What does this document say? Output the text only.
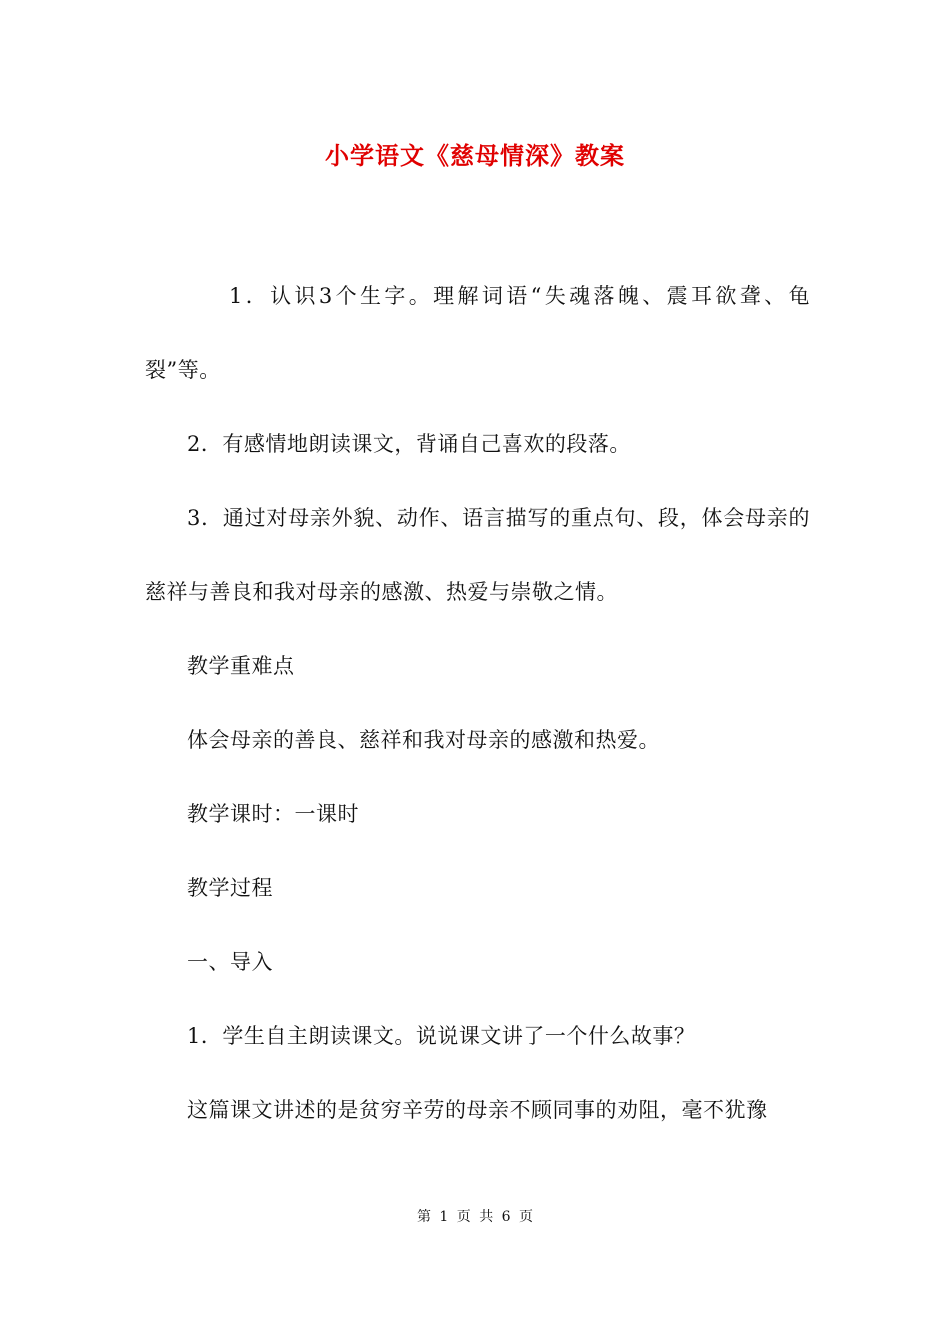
小学语文《慈母情深》教案

1．认识3个生字。理解词语“失魂落魄、震耳欲聋、龟裂”等。

2．有感情地朗读课文，背诵自己喜欢的段落。

3．通过对母亲外貌、动作、语言描写的重点句、段，体会母亲的慈祥与善良和我对母亲的感激、热爱与崇敬之情。

教学重难点

体会母亲的善良、慈祥和我对母亲的感激和热爱。

教学课时：一课时

教学过程

一、导入

1．学生自主朗读课文。说说课文讲了一个什么故事？

这篇课文讲述的是贫穷辛劳的母亲不顾同事的劝阻，毫不犹豫

第 1 页 共 6 页
